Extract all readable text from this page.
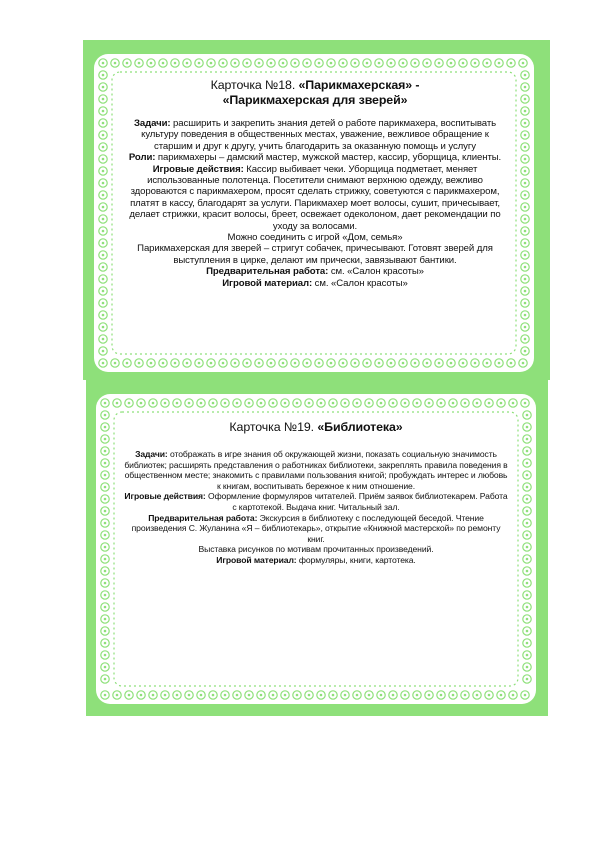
Карточка №18. «Парикмахерская» -
«Парикмахерская для зверей»

Задачи: расширить и закрепить знания детей о работе парикмахера, воспитывать культуру поведения в общественных местах, уважение, вежливое обращение к старшим и друг к другу, учить благодарить за оказанную помощь и услугу

Роли: парикмахеры – дамский мастер, мужской мастер, кассир, уборщица, клиенты.

Игровые действия: Кассир выбивает чеки. Уборщица подметает, меняет использованные полотенца. Посетители снимают верхнюю одежду, вежливо здороваются с парикмахером, просят сделать стрижку, советуются с парикмахером, платят в кассу, благодарят за услуги. Парикмахер моет волосы, сушит, причесывает, делает стрижки, красит волосы, бреет, освежает одеколоном, дает рекомендации по уходу за волосами.

Можно соединить с игрой «Дом, семья»

Парикмахерская для зверей – стригут собачек, причесывают. Готовят зверей для выступления в цирке, делают им прически, завязывают бантики.

Предварительная работа: см. «Салон красоты»

Игровой материал: см. «Салон красоты»

Карточка №19. «Библиотека»

Задачи: отображать в игре знания об окружающей жизни, показать социальную значимость библиотек; расширять представления о работниках библиотеки, закреплять правила поведения в общественном месте; знакомить с правилами пользования книгой; пробуждать интерес и любовь к книгам, воспитывать бережное к ним отношение.

Игровые действия: Оформление формуляров читателей. Приём заявок библиотекарем. Работа с картотекой. Выдача книг. Читальный зал.

Предварительная работа: Экскурсия в библиотеку с последующей беседой. Чтение произведения С. Жуланина «Я – библиотекарь», открытие «Книжной мастерской» по ремонту книг.

Выставка рисунков по мотивам прочитанных произведений.

Игровой материал: формуляры, книги, картотека.
